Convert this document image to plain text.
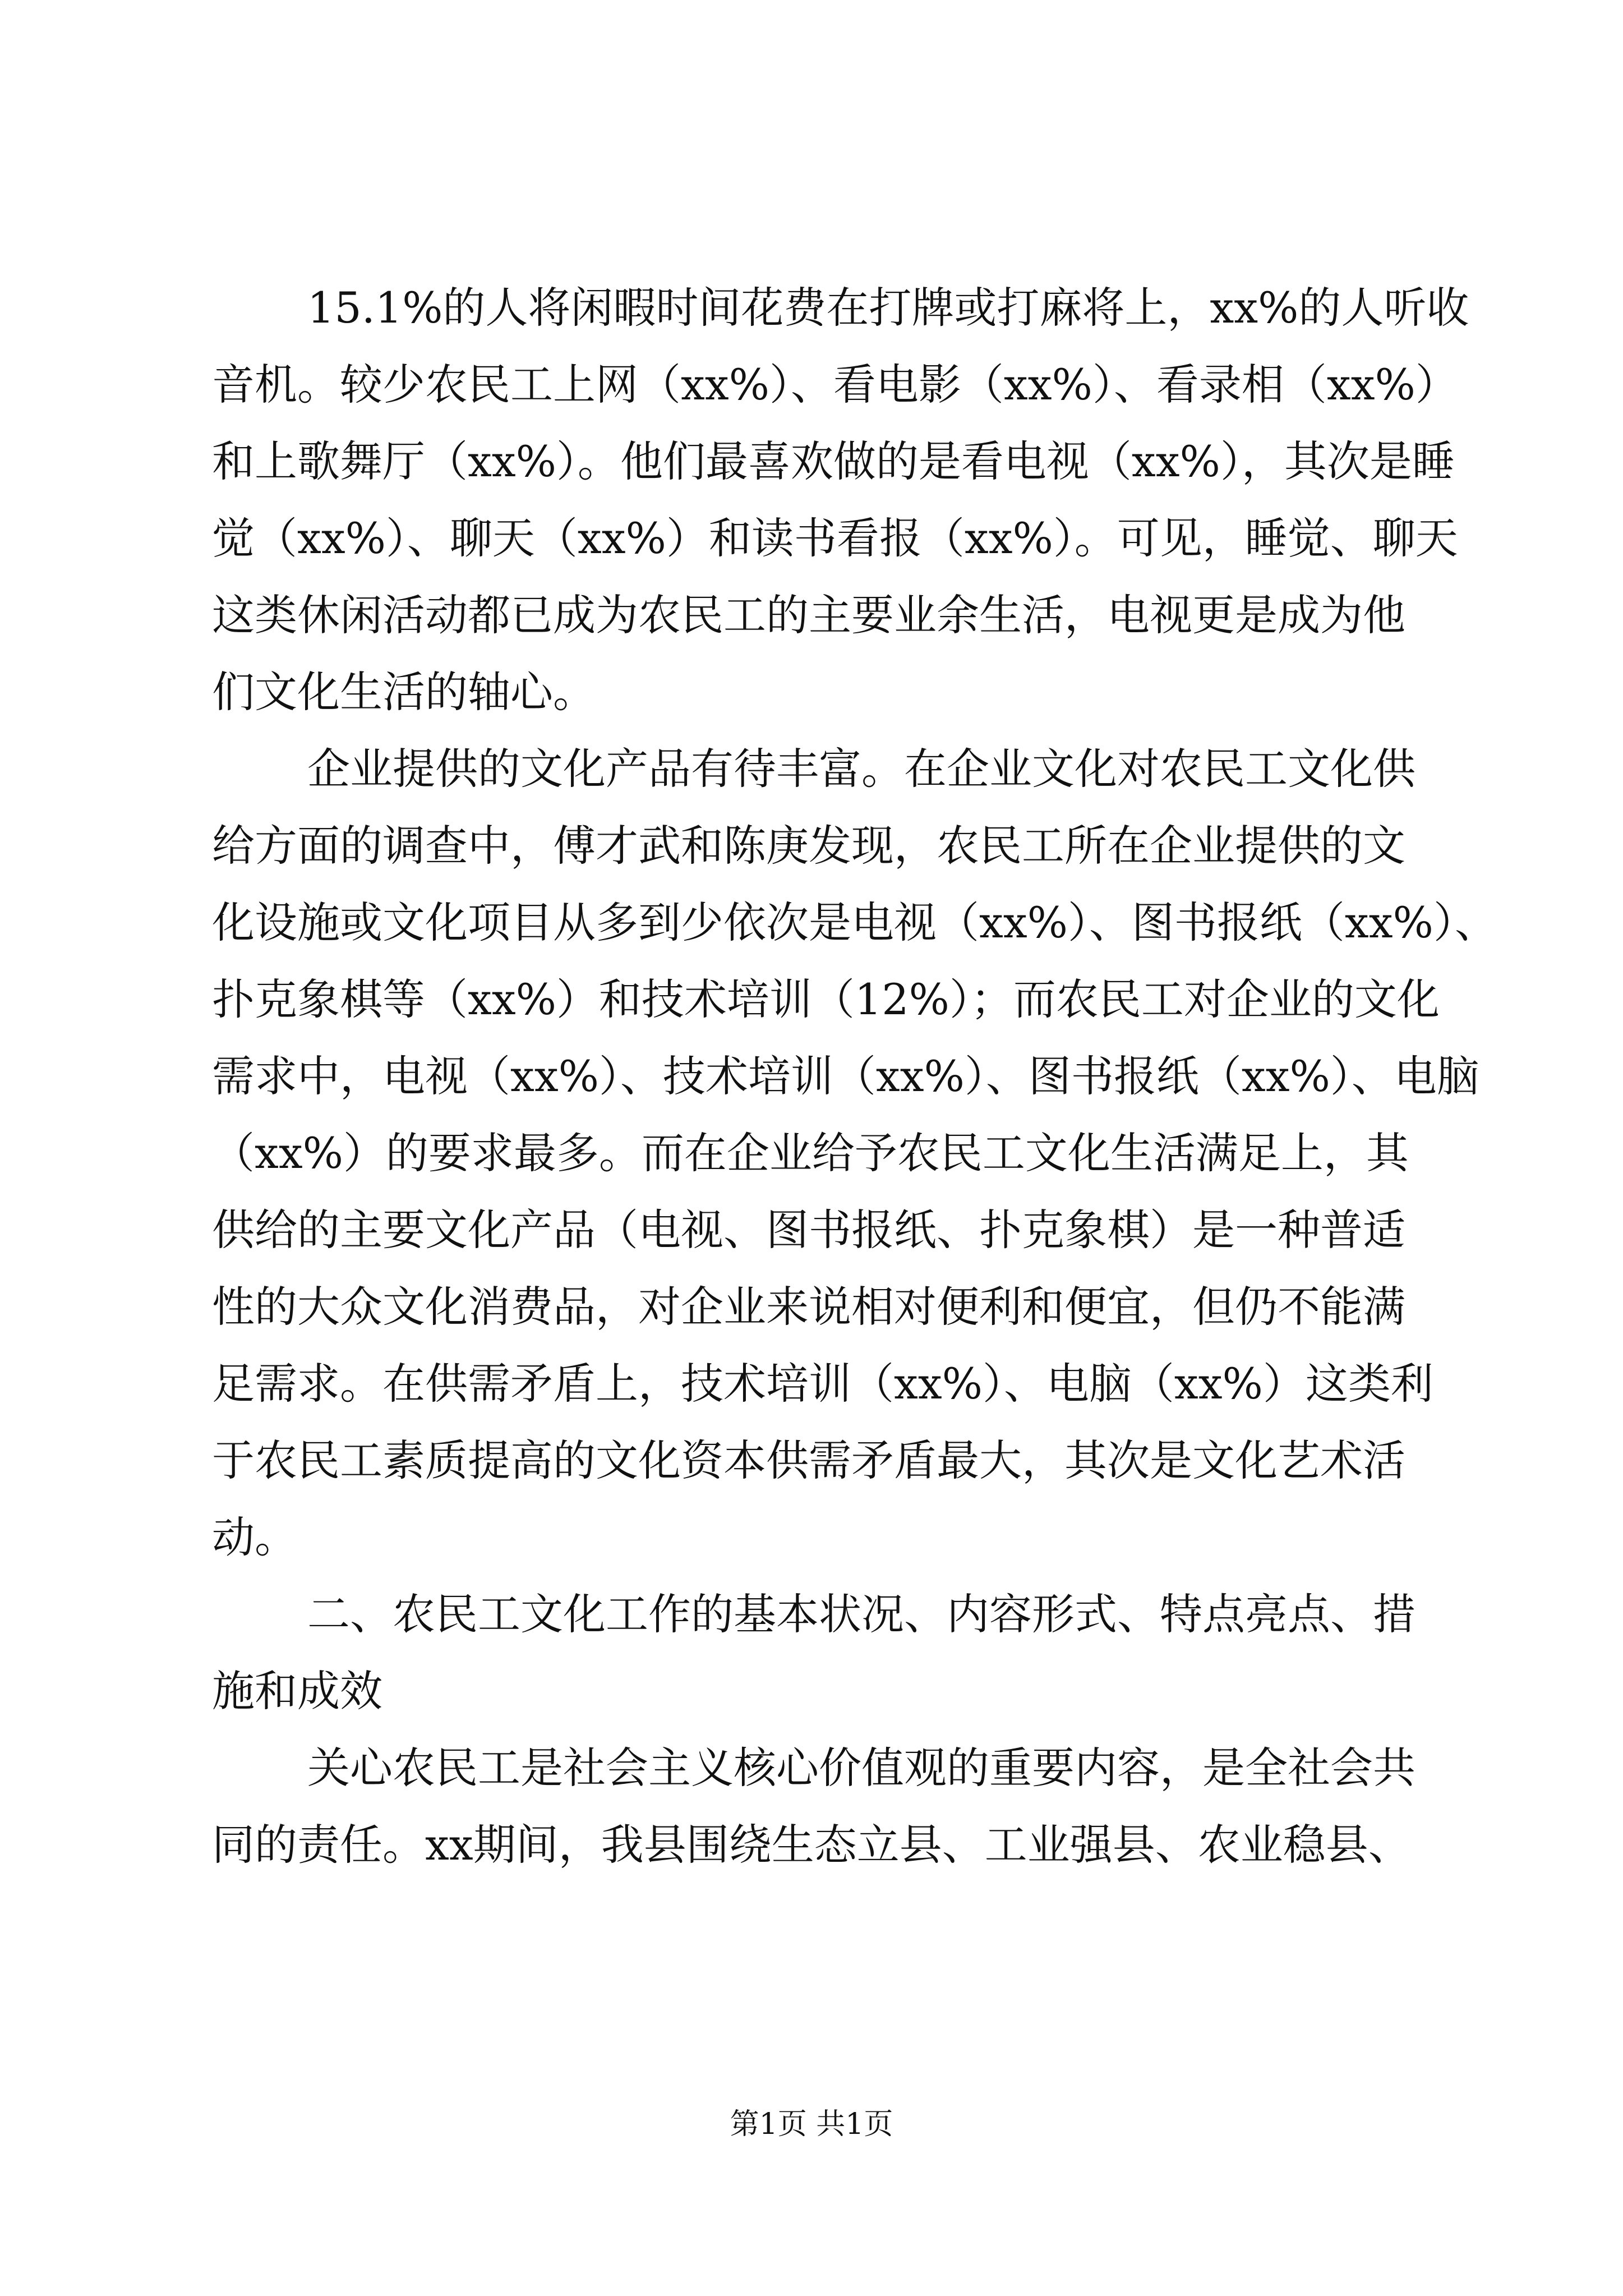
15.1%的人将闲暇时间花费在打牌或打麻将上，xx%的人听收
音机。较少农民工上网（xx%）、看电影（xx%）、看录相（xx%）
和上歌舞厅（xx%）。他们最喜欢做的是看电视（xx%），其次是睡
觉（xx%）、聊天（xx%）和读书看报（xx%）。可见，睡觉、聊天
这类休闲活动都已成为农民工的主要业余生活，电视更是成为他
们文化生活的轴心。
企业提供的文化产品有待丰富。在企业文化对农民工文化供
给方面的调查中，傅才武和陈庚发现，农民工所在企业提供的文
化设施或文化项目从多到少依次是电视（xx%）、图书报纸（xx%）、
扑克象棋等（xx%）和技术培训（12%）；而农民工对企业的文化
需求中，电视（xx%）、技术培训（xx%）、图书报纸（xx%）、电脑
（xx%）的要求最多。而在企业给予农民工文化生活满足上，其
供给的主要文化产品（电视、图书报纸、扑克象棋）是一种普适
性的大众文化消费品，对企业来说相对便利和便宜，但仍不能满
足需求。在供需矛盾上，技术培训（xx%）、电脑（xx%）这类利
于农民工素质提高的文化资本供需矛盾最大，其次是文化艺术活
动。
二、农民工文化工作的基本状况、内容形式、特点亮点、措
施和成效
关心农民工是社会主义核心价值观的重要内容，是全社会共
同的责任。xx期间，我县围绕生态立县、工业强县、农业稳县、
第1页 共1页
